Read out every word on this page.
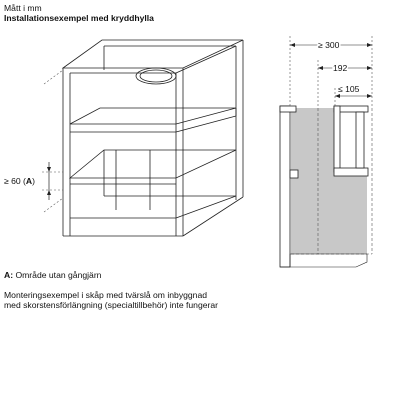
Mått i mm
Installationsexempel med kryddhylla
≥ 60 (A)
≥ 300
192
≤ 105
A: Område utan gångjärn
Monteringsexempel i skåp med tvärslå om inbyggnad
med skorstensförlängning (specialtillbehör) inte fungerar
